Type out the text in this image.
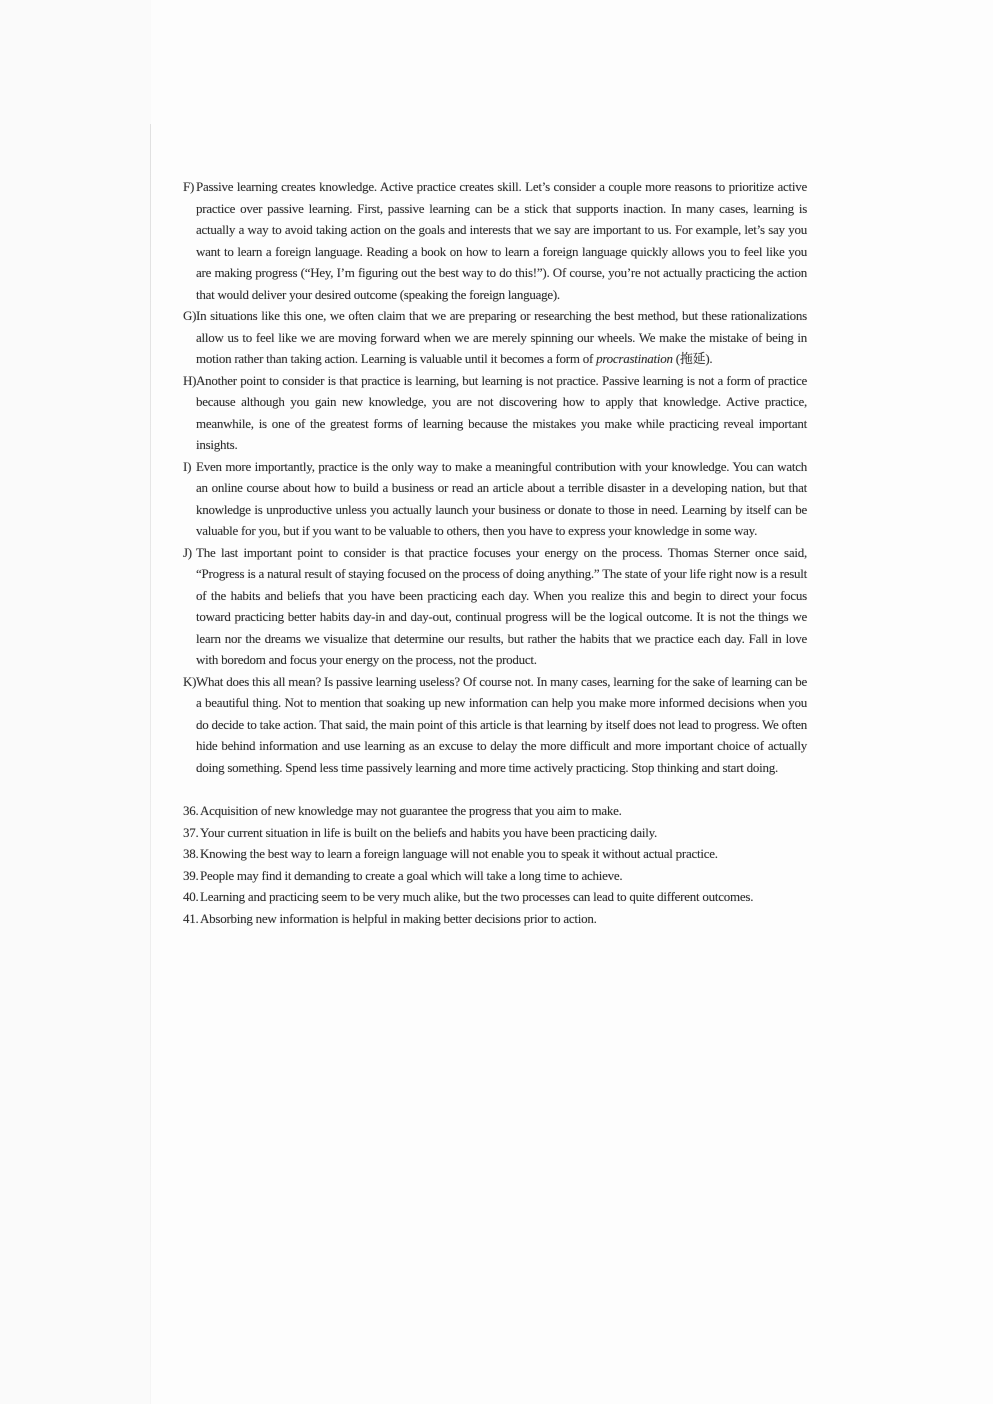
F) Passive learning creates knowledge. Active practice creates skill. Let’s consider a couple more reasons to prioritize active practice over passive learning. First, passive learning can be a stick that supports inaction. In many cases, learning is actually a way to avoid taking action on the goals and interests that we say are important to us. For example, let’s say you want to learn a foreign language. Reading a book on how to learn a foreign language quickly allows you to feel like you are making progress (“Hey, I’m figuring out the best way to do this!”). Of course, you’re not actually practicing the action that would deliver your desired outcome (speaking the foreign language).
G) In situations like this one, we often claim that we are preparing or researching the best method, but these rationalizations allow us to feel like we are moving forward when we are merely spinning our wheels. We make the mistake of being in motion rather than taking action. Learning is valuable until it becomes a form of procrastination (拖延).
H) Another point to consider is that practice is learning, but learning is not practice. Passive learning is not a form of practice because although you gain new knowledge, you are not discovering how to apply that knowledge. Active practice, meanwhile, is one of the greatest forms of learning because the mistakes you make while practicing reveal important insights.
I) Even more importantly, practice is the only way to make a meaningful contribution with your knowledge. You can watch an online course about how to build a business or read an article about a terrible disaster in a developing nation, but that knowledge is unproductive unless you actually launch your business or donate to those in need. Learning by itself can be valuable for you, but if you want to be valuable to others, then you have to express your knowledge in some way.
J) The last important point to consider is that practice focuses your energy on the process. Thomas Sterner once said, “Progress is a natural result of staying focused on the process of doing anything.” The state of your life right now is a result of the habits and beliefs that you have been practicing each day. When you realize this and begin to direct your focus toward practicing better habits day-in and day-out, continual progress will be the logical outcome. It is not the things we learn nor the dreams we visualize that determine our results, but rather the habits that we practice each day. Fall in love with boredom and focus your energy on the process, not the product.
K) What does this all mean? Is passive learning useless? Of course not. In many cases, learning for the sake of learning can be a beautiful thing. Not to mention that soaking up new information can help you make more informed decisions when you do decide to take action. That said, the main point of this article is that learning by itself does not lead to progress. We often hide behind information and use learning as an excuse to delay the more difficult and more important choice of actually doing something. Spend less time passively learning and more time actively practicing. Stop thinking and start doing.
36. Acquisition of new knowledge may not guarantee the progress that you aim to make.
37. Your current situation in life is built on the beliefs and habits you have been practicing daily.
38. Knowing the best way to learn a foreign language will not enable you to speak it without actual practice.
39. People may find it demanding to create a goal which will take a long time to achieve.
40. Learning and practicing seem to be very much alike, but the two processes can lead to quite different outcomes.
41. Absorbing new information is helpful in making better decisions prior to action.
